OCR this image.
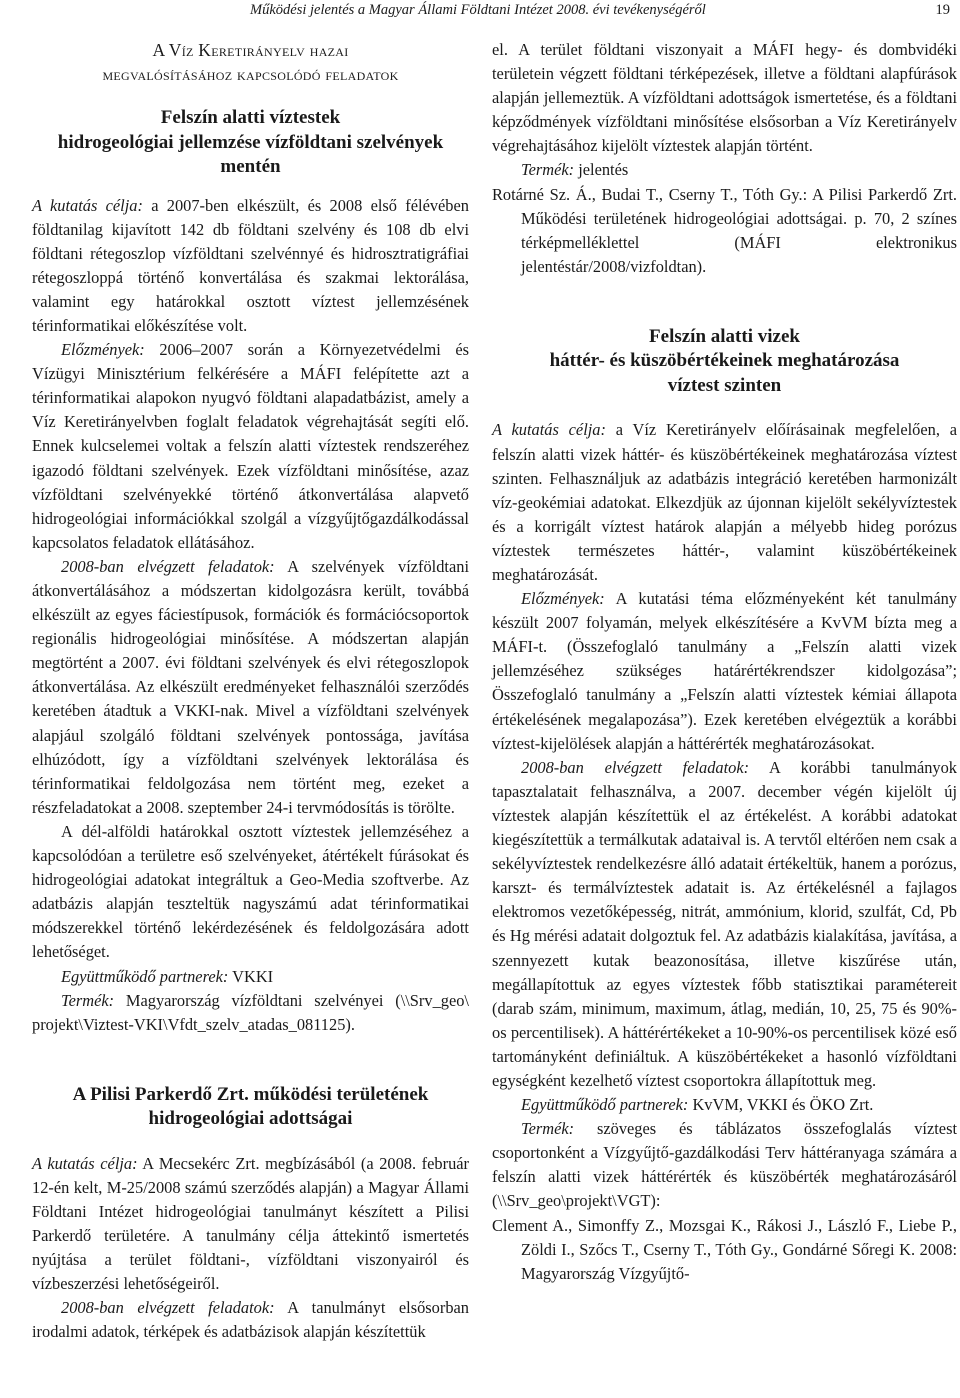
Működési jelentés a Magyar Állami Földtani Intézet 2008. évi tevékenységéről	19
A Víz Keretirányelv hazai
megvalósításához kapcsolódó feladatok
Felszín alatti víztestek
hidrogeológiai jellemzése vízföldtani szelvények
mentén

A kutatás célja: a 2007-ben elkészült, és 2008 első félévében földtanilag kijavított 142 db földtani szelvény és 108 db elvi földtani rétegoszlop vízföldtani szelvénnyé és hidrosztratigráfiai rétegoszloppá történő konvertálása és szakmai lektorálása, valamint egy határokkal osztott víztest jellemzésének térinformatikai előkészítése volt.

Előzmények: 2006–2007 során a Környezetvédelmi és Vízügyi Minisztérium felkérésére a MÁFI felépítette azt a térinformatikai alapokon nyugvó földtani alapadatbázist, amely a Víz Keretirányelvben foglalt feladatok végrehajtását segíti elő. Ennek kulcselemei voltak a felszín alatti víztestek rendszeréhez igazodó földtani szelvények. Ezek vízföldtani minősítése, azaz vízföldtani szelvényekké történő átkonvertálása alapvető hidrogeológiai információkkal szolgál a vízgyűjtőgazdálkodással kapcsolatos feladatok ellátásához.

2008-ban elvégzett feladatok: A szelvények vízföldtani átkonvertálásához a módszertan kidolgozásra került, továbbá elkészült az egyes fáciestípusok, formációk és formációcsoportok regionális hidrogeológiai minősítése. A módszertan alapján megtörtént a 2007. évi földtani szelvények és elvi rétegoszlopok átkonvertálása. Az elkészült eredményeket felhasználói szerződés keretében átadtuk a VKKI-nak. Mivel a vízföldtani szelvények alapjául szolgáló földtani szelvények pontossága, javítása elhúzódott, így a vízföldtani szelvények lektorálása és térinformatikai feldolgozása nem történt meg, ezeket a részfeladatokat a 2008. szeptember 24-i tervmódosítás is törölte.

A dél-alföldi határokkal osztott víztestek jellemzéséhez a kapcsolódóan a területre eső szelvényeket, átértékelt fúrásokat és hidrogeológiai adatokat integráltuk a Geo-Media szoftverbe. Az adatbázis alapján teszteltük nagyszámú adat térinformatikai módszerekkel történő lekérdezésének és feldolgozására adott lehetőséget.

Együttműködő partnerek: VKKI

Termék: Magyarország vízföldtani szelvényei (\\Srv_geo\ projekt\Viztest-VKI\Vfdt_szelv_atadas_081125).

A Pilisi Parkerdő Zrt. működési területének
hidrogeológiai adottságai

A kutatás célja: A Mecsekérc Zrt. megbízásából (a 2008. február 12-én kelt, M-25/2008 számú szerződés alapján) a Magyar Állami Földtani Intézet hidrogeológiai tanulmányt készített a Pilisi Parkerdő területére. A tanulmány célja áttekintő ismertetés nyújtása a terület földtani-, vízföldtani viszonyairól és vízbeszerzési lehetőségeiről.

2008-ban elvégzett feladatok: A tanulmányt elsősorban irodalmi adatok, térképek és adatbázisok alapján készítettük

el. A terület földtani viszonyait a MÁFI hegy- és dombvidéki területein végzett földtani térképezések, illetve a földtani alapfúrások alapján jellemeztük. A vízföldtani adottságok ismertetése, és a földtani képződmények vízföldtani minősítése elsősorban a Víz Keretirányelv végrehajtásához kijelölt víztestek alapján történt.

Termék: jelentés

Rotárné Sz. Á., Budai T., Cserny T., Tóth Gy.: A Pilisi Parkerdő Zrt. Működési területének hidrogeológiai adottságai. p. 70, 2 színes térképmelléklettel (MÁFI elektronikus jelentéstár/2008/vizfoldtan).

Felszín alatti vizek
háttér- és küszöbértékeinek meghatározása
víztest szinten

A kutatás célja: a Víz Keretirányelv előírásainak megfelelően, a felszín alatti vizek háttér- és küszöbértékeinek meghatározása víztest szinten. Felhasználjuk az adatbázis integráció keretében harmonizált víz-geokémiai adatokat. Elkezdjük az újonnan kijelölt sekélyvíztestek és a korrigált víztest határok alapján a mélyebb hideg porózus víztestek természetes háttér-, valamint küszöbértékeinek meghatározását.

Előzmények: A kutatási téma előzményeként két tanulmány készült 2007 folyamán, melyek elkészítésére a KvVM bízta meg a MÁFI-t. (Összefoglaló tanulmány a „Felszín alatti vizek jellemzéséhez szükséges határértékrendszer kidolgozása”; Összefoglaló tanulmány a „Felszín alatti víztestek kémiai állapota értékelésének megalapozása”). Ezek keretében elvégeztük a korábbi víztest-kijelölések alapján a háttérérték meghatározásokat.

2008-ban elvégzett feladatok: A korábbi tanulmányok tapasztalatait felhasználva, a 2007. december végén kijelölt új víztestek alapján készítettük el az értékelést. A korábbi adatokat kiegészítettük a termálkutak adataival is. A tervtől eltérően nem csak a sekélyvíztestek rendelkezésre álló adatait értékeltük, hanem a porózus, karszt- és termálvíztestek adatait is. Az értékelésnél a fajlagos elektromos vezetőképesség, nitrát, ammónium, klorid, szulfát, Cd, Pb és Hg mérési adatait dolgoztuk fel. Az adatbázis kialakítása, javítása, a szennyezett kutak beazonosítása, illetve kiszűrése után, megállapítottuk az egyes víztestek főbb statisztikai paramétereit (darab szám, minimum, maximum, átlag, medián, 10, 25, 75 és 90%-os percentilisek). A háttérértékeket a 10-90%-os percentilisek közé eső tartományként definiáltuk. A küszöbértékeket a hasonló vízföldtani egységként kezelhető víztest csoportokra állapítottuk meg.

Együttműködő partnerek: KvVM, VKKI és ÖKO Zrt.

Termék: szöveges és táblázatos összefoglalás víztest csoportonként a Vízgyűjtő-gazdálkodási Terv háttéranyaga számára a felszín alatti vizek háttérérték és küszöbérték meghatározásáról (\\Srv_geo\projekt\VGT):

Clement A., Simonffy Z., Mozsgai K., Rákosi J., László F., Liebe P., Zöldi I., Szőcs T., Cserny T., Tóth Gy., Gondárné Sőregi K. 2008: Magyarország Vízgyűjtő-
